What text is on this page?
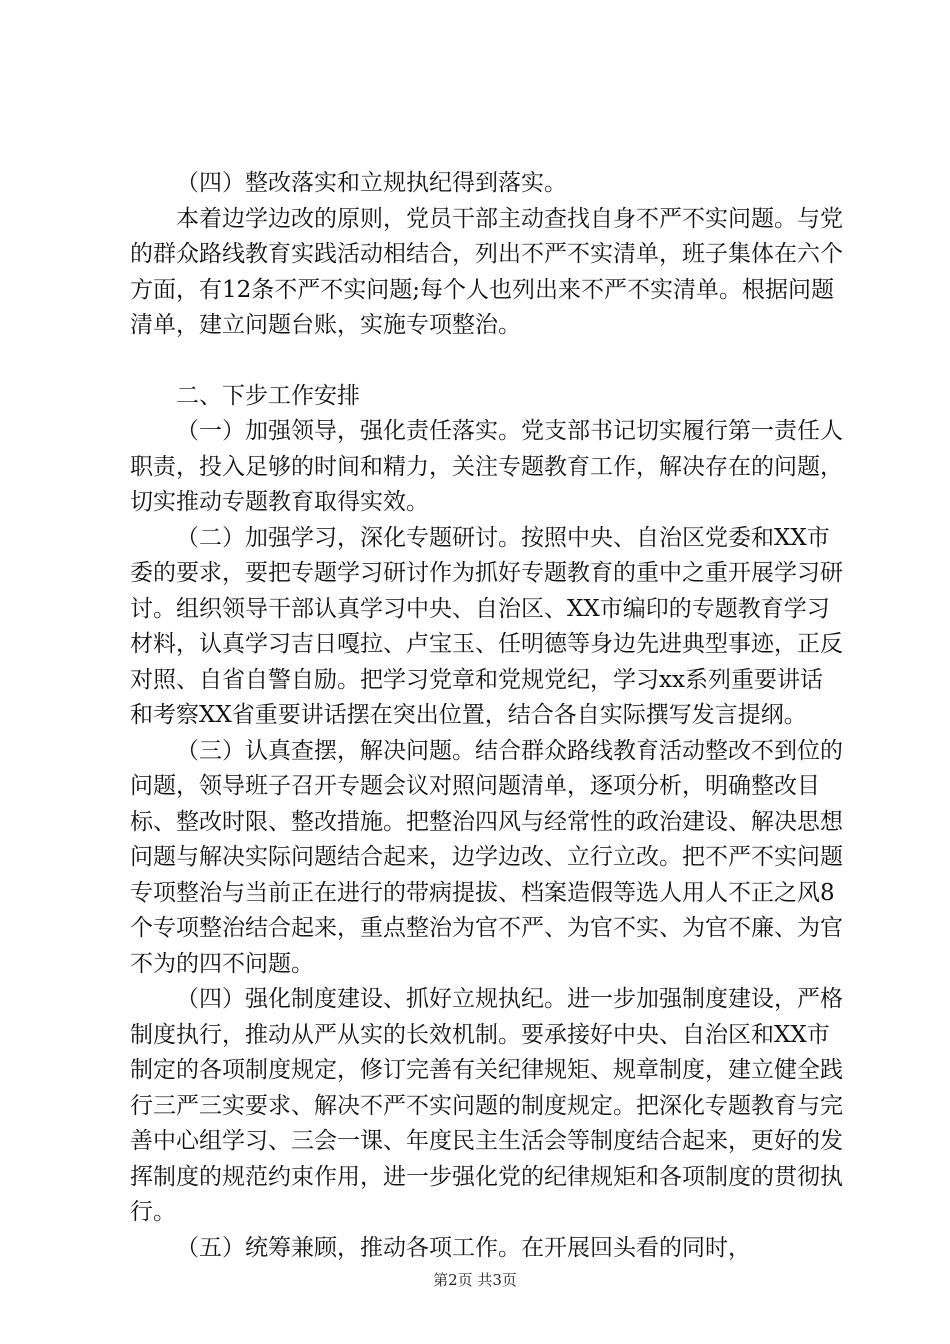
（四）整改落实和立规执纪得到落实。

本着边学边改的原则，党员干部主动查找自身不严不实问题。与党的群众路线教育实践活动相结合，列出不严不实清单，班子集体在六个方面，有12条不严不实问题;每个人也列出来不严不实清单。根据问题清单，建立问题台账，实施专项整治。

二、下步工作安排

（一）加强领导，强化责任落实。党支部书记切实履行第一责任人职责，投入足够的时间和精力，关注专题教育工作，解决存在的问题，切实推动专题教育取得实效。

（二）加强学习，深化专题研讨。按照中央、自治区党委和XX市委的要求，要把专题学习研讨作为抓好专题教育的重中之重开展学习研讨。组织领导干部认真学习中央、自治区、XX市编印的专题教育学习材料，认真学习吉日嘎拉、卢宝玉、任明德等身边先进典型事迹，正反对照、自省自警自励。把学习党章和党规党纪，学习xx系列重要讲话和考察XX省重要讲话摆在突出位置，结合各自实际撰写发言提纲。

（三）认真查摆，解决问题。结合群众路线教育活动整改不到位的问题，领导班子召开专题会议对照问题清单，逐项分析，明确整改目标、整改时限、整改措施。把整治四风与经常性的政治建设、解决思想问题与解决实际问题结合起来，边学边改、立行立改。把不严不实问题专项整治与当前正在进行的带病提拔、档案造假等选人用人不正之风8个专项整治结合起来，重点整治为官不严、为官不实、为官不廉、为官不为的四不问题。

（四）强化制度建设、抓好立规执纪。进一步加强制度建设，严格制度执行，推动从严从实的长效机制。要承接好中央、自治区和XX市制定的各项制度规定，修订完善有关纪律规矩、规章制度，建立健全践行三严三实要求、解决不严不实问题的制度规定。把深化专题教育与完善中心组学习、三会一课、年度民主生活会等制度结合起来，更好的发挥制度的规范约束作用，进一步强化党的纪律规矩和各项制度的贯彻执行。

（五）统筹兼顾，推动各项工作。在开展回头看的同时，

第2页 共3页
